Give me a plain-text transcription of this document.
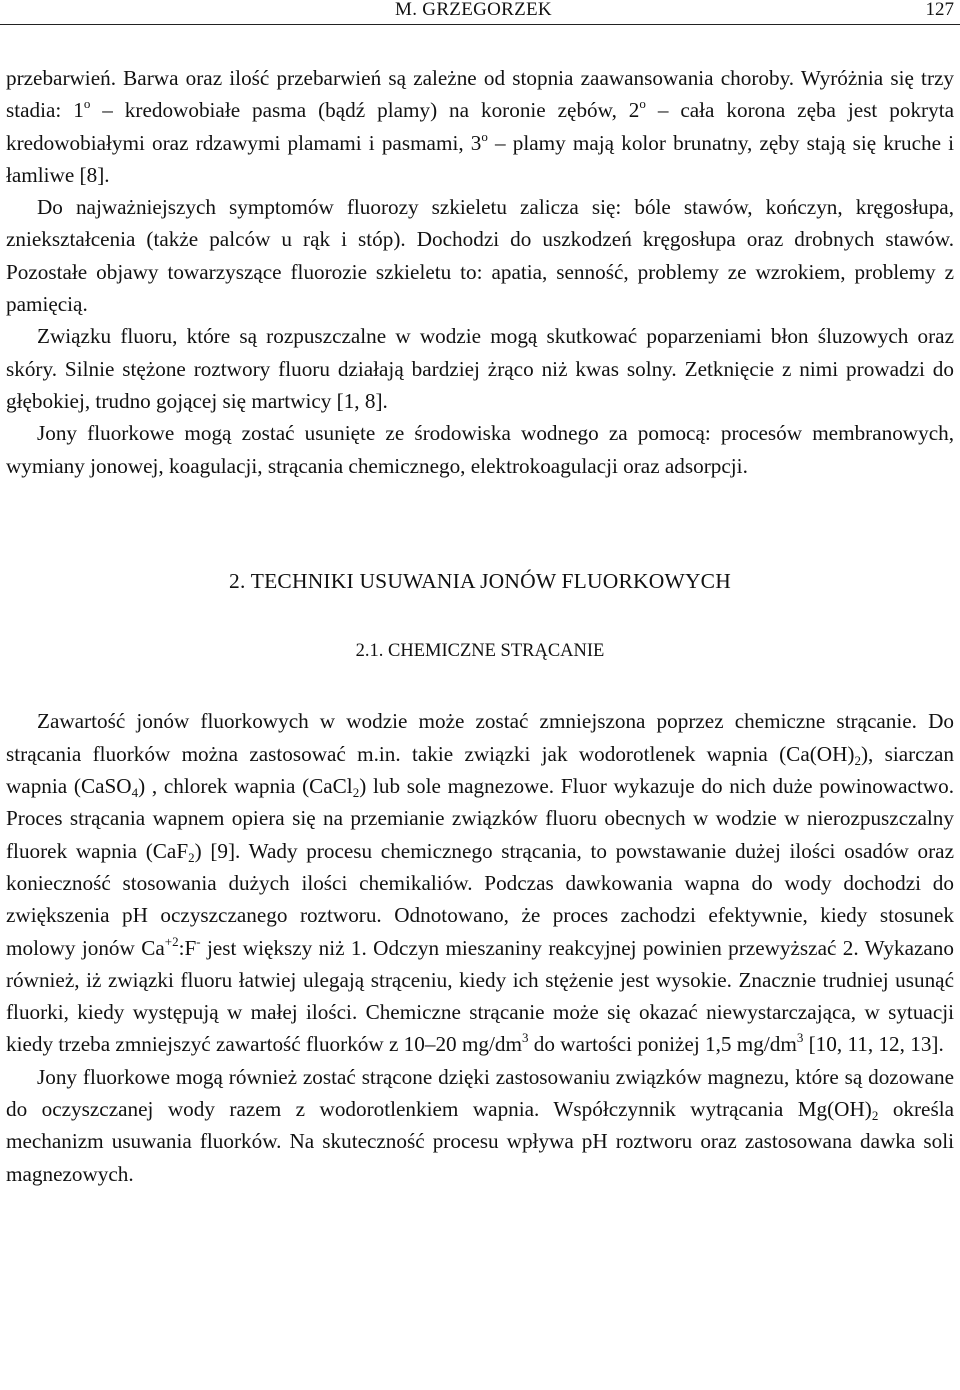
M. GRZEGORZEK	127

przebarwień. Barwa oraz ilość przebarwień są zależne od stopnia zaawansowania choroby. Wyróżnia się trzy stadia: 1$^o$ – kredowobiałe pasma (bądź plamy) na koronie zębów, 2$^o$ – cała korona zęba jest pokryta kredowobiałymi oraz rdzawymi plamami i pasmami, 3$^o$ – plamy mają kolor brunatny, zęby stają się kruche i łamliwe [8].

Do najważniejszych symptomów fluorozy szkieletu zalicza się: bóle stawów, kończyn, kręgosłupa, zniekształcenia (także palców u rąk i stóp). Dochodzi do uszkodzeń kręgosłupa oraz drobnych stawów. Pozostałe objawy towarzyszące fluorozie szkieletu to: apatia, senność, problemy ze wzrokiem, problemy z pamięcią.

Związku fluoru, które są rozpuszczalne w wodzie mogą skutkować poparzeniami błon śluzowych oraz skóry. Silnie stężone roztwory fluoru działają bardziej żrąco niż kwas solny. Zetknięcie z nimi prowadzi do głębokiej, trudno gojącej się martwicy [1, 8].

Jony fluorkowe mogą zostać usunięte ze środowiska wodnego za pomocą: procesów membranowych, wymiany jonowej, koagulacji, strącania chemicznego, elektrokoagulacji oraz adsorpcji.

2. TECHNIKI USUWANIA JONÓW FLUORKOWYCH

2.1. CHEMICZNE STRĄCANIE

Zawartość jonów fluorkowych w wodzie może zostać zmniejszona poprzez chemiczne strącanie. Do strącania fluorków można zastosować m.in. takie związki jak wodorotlenek wapnia $(Ca(OH)_2)$, siarczan wapnia (CaSO$_4$) , chlorek wapnia (CaCl$_2$) lub sole magnezowe. Fluor wykazuje do nich duże powinowactwo. Proces strącania wapnem opiera się na przemianie związków fluoru obecnych w wodzie w nierozpuszczalny fluorek wapnia (CaF$_2$) [9]. Wady procesu chemicznego strącania, to powstawanie dużej ilości osadów oraz konieczność stosowania dużych ilości chemikaliów. Podczas dawkowania wapna do wody dochodzi do zwiększenia pH oczyszczanego roztworu. Odnotowano, że proces zachodzi efektywnie, kiedy stosunek molowy jonów $Ca^{+2}:F^-$ jest większy niż 1. Odczyn mieszaniny reakcyjnej powinien przewyższać 2. Wykazano również, iż związki fluoru łatwiej ulegają strąceniu, kiedy ich stężenie jest wysokie. Znacznie trudniej usunąć fluorki, kiedy występują w małej ilości. Chemiczne strącanie może się okazać niewystarczająca, w sytuacji kiedy trzeba zmniejszyć zawartość fluorków z 10–20 $mg/dm^3$ do wartości poniżej 1,5 $mg/dm^3$ [10, 11, 12, 13].

Jony fluorkowe mogą również zostać strącone dzięki zastosowaniu związków magnezu, które są dozowane do oczyszczanej wody razem z wodorotlenkiem wapnia. Współczynnik wytrącania $Mg(OH)_2$ określa mechanizm usuwania fluorków. Na skuteczność procesu wpływa pH roztworu oraz zastosowana dawka soli magnezowych.
